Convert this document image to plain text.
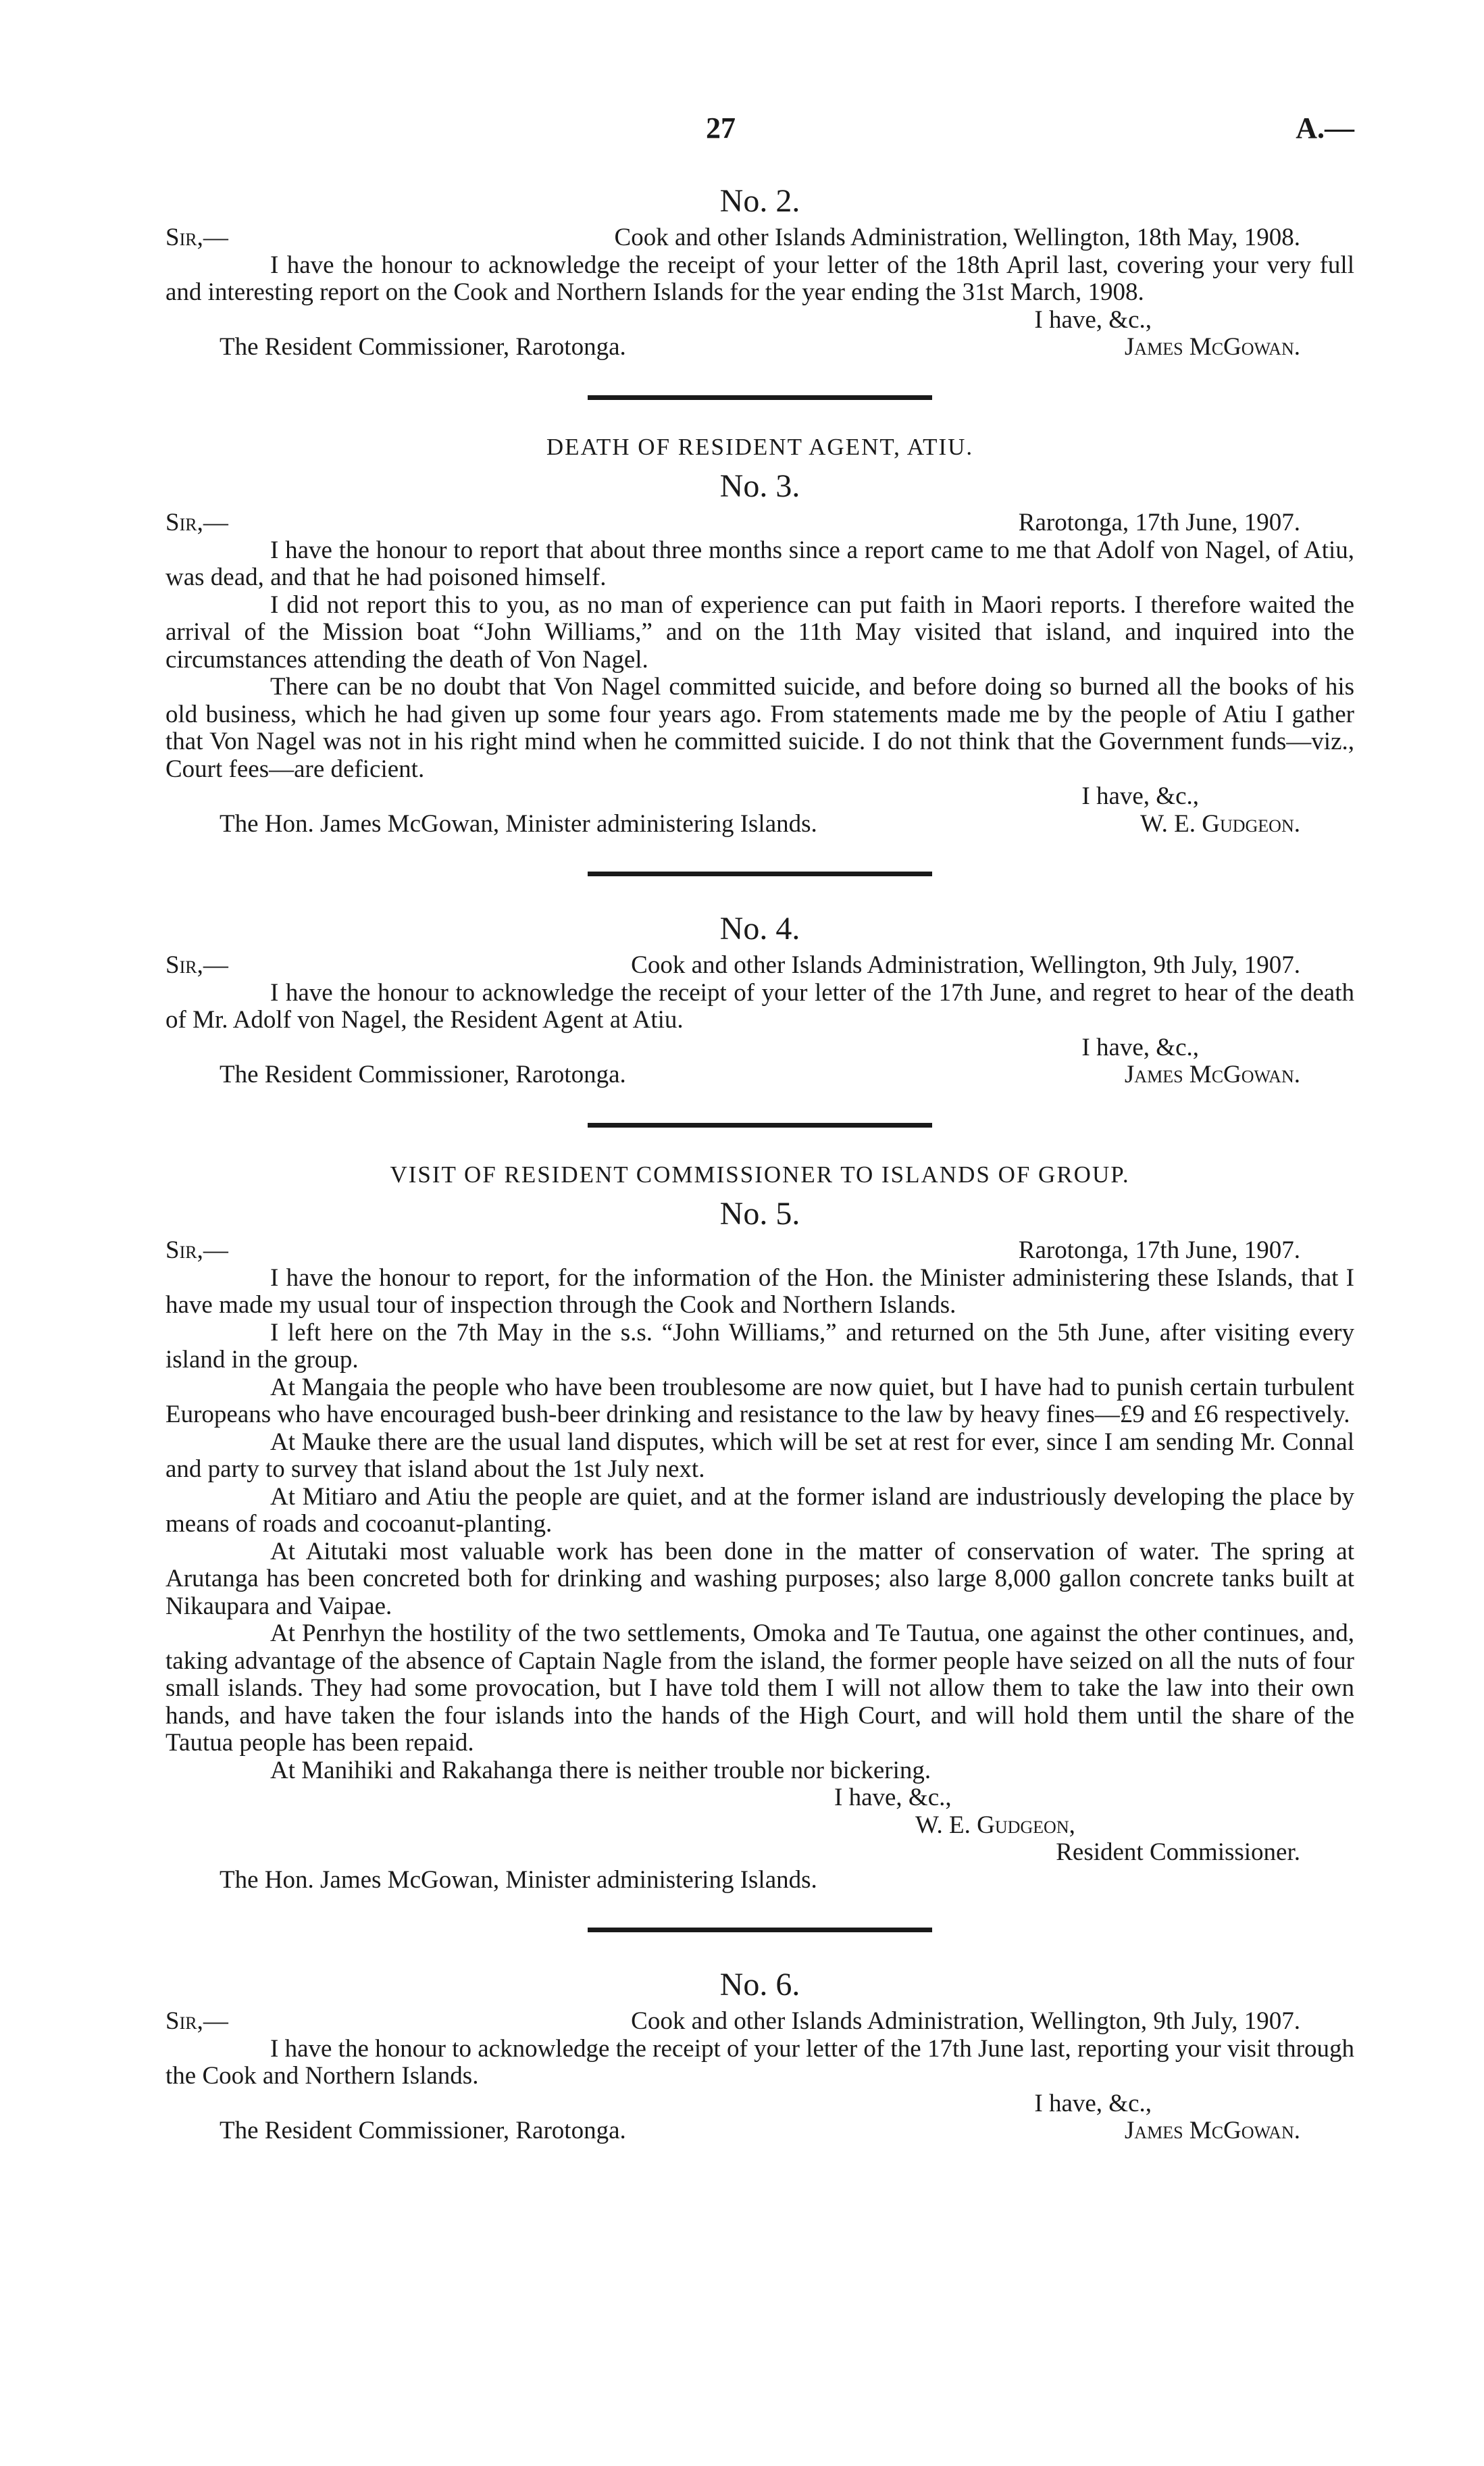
27	A.—
No. 2.
Sir,—	Cook and other Islands Administration, Wellington, 18th May, 1908.

I have the honour to acknowledge the receipt of your letter of the 18th April last, covering your very full and interesting report on the Cook and Northern Islands for the year ending the 31st March, 1908.

I have, &c.,
The Resident Commissioner, Rarotonga.	James McGowan.
DEATH OF RESIDENT AGENT, ATIU.
No. 3.
Sir,—	Rarotonga, 17th June, 1907.

I have the honour to report that about three months since a report came to me that Adolf von Nagel, of Atiu, was dead, and that he had poisoned himself.

I did not report this to you, as no man of experience can put faith in Maori reports. I therefore waited the arrival of the Mission boat “John Williams,” and on the 11th May visited that island, and inquired into the circumstances attending the death of Von Nagel.

There can be no doubt that Von Nagel committed suicide, and before doing so burned all the books of his old business, which he had given up some four years ago. From statements made me by the people of Atiu I gather that Von Nagel was not in his right mind when he committed suicide. I do not think that the Government funds—viz., Court fees—are deficient.

I have, &c.,
The Hon. James McGowan, Minister administering Islands.	W. E. Gudgeon.
No. 4.
Sir,—	Cook and other Islands Administration, Wellington, 9th July, 1907.

I have the honour to acknowledge the receipt of your letter of the 17th June, and regret to hear of the death of Mr. Adolf von Nagel, the Resident Agent at Atiu.

I have, &c.,
The Resident Commissioner, Rarotonga.	James McGowan.
VISIT OF RESIDENT COMMISSIONER TO ISLANDS OF GROUP.
No. 5.
Sir,—	Rarotonga, 17th June, 1907.

I have the honour to report, for the information of the Hon. the Minister administering these Islands, that I have made my usual tour of inspection through the Cook and Northern Islands.

I left here on the 7th May in the s.s. “John Williams,” and returned on the 5th June, after visiting every island in the group.

At Mangaia the people who have been troublesome are now quiet, but I have had to punish certain turbulent Europeans who have encouraged bush-beer drinking and resistance to the law by heavy fines—£9 and £6 respectively.

At Mauke there are the usual land disputes, which will be set at rest for ever, since I am sending Mr. Connal and party to survey that island about the 1st July next.

At Mitiaro and Atiu the people are quiet, and at the former island are industriously developing the place by means of roads and cocoanut-planting.

At Aitutaki most valuable work has been done in the matter of conservation of water. The spring at Arutanga has been concreted both for drinking and washing purposes; also large 8,000 gallon concrete tanks built at Nikaupara and Vaipae.

At Penrhyn the hostility of the two settlements, Omoka and Te Tautua, one against the other continues, and, taking advantage of the absence of Captain Nagle from the island, the former people have seized on all the nuts of four small islands. They had some provocation, but I have told them I will not allow them to take the law into their own hands, and have taken the four islands into the hands of the High Court, and will hold them until the share of the Tautua people has been repaid.

At Manihiki and Rakahanga there is neither trouble nor bickering.

I have, &c.,
W. E. Gudgeon,
Resident Commissioner.
The Hon. James McGowan, Minister administering Islands.
No. 6.
Sir,—	Cook and other Islands Administration, Wellington, 9th July, 1907.

I have the honour to acknowledge the receipt of your letter of the 17th June last, reporting your visit through the Cook and Northern Islands.

I have, &c.,
The Resident Commissioner, Rarotonga.	James McGowan.
